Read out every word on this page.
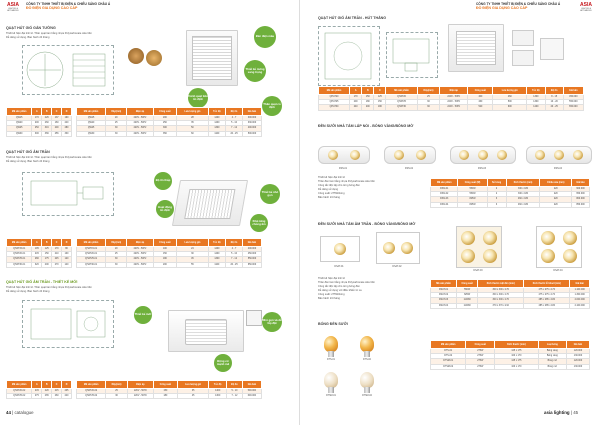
ASIA
LIGHTING & APPLIANCES
CÔNG TY TNHH THIẾT BỊ ĐIỆN & CHIẾU SÁNG CHÂU Á
ĐỒ ĐIỆN GIA DỤNG CAO CẤP
QUẠT HÚT GIÓ GẮN TƯỜNG
Thiết kế hiện đại tinh tế. Thân quạt làm bằng nhựa Polycarbonate siêu bền
Dễ dàng sử dụng. Bảo hành 24 tháng	Đèn điện màu
Cánh quạt tiêu ổn định
Thiết kế mỏng sang trọng
Thân quạt cố định
Mã sản phẩm	A	B	C	D
QW15	170	226	137	190
QW20	200	260	160	240
QW25	250	316	200	280
QW30	300	366	256	330
Mã sản phẩm	Dây(mm)	Điện áp	Công suất	Lưu lượng gió	Tốc độ	Độ ồn	Giá bán
QW15	20	220V - 50Hz	200	28	1400	4 - 7	300.000
QW20	25	220V - 50Hz	250	35	1400	5 - 10	330.000
QW25	30	220V - 50Hz	300	50	1300	7 - 12	400.000
QW30	30	220V - 50Hz	350	60	1100	20 - 25	500.000
QUẠT HÚT GIÓ ÂM TRẦN
Thiết kế hiện đại tinh tế. Thân quạt làm bằng nhựa Polycarbonate siêu bền
Dễ dàng sử dụng. Bảo hành 24 tháng
Độ ồn thấp
Hoạt động ổn định
Thiết kế nhỏ gọn
Khả năng chống ẩm
Mã sản phẩm	A	B	C	D
QHAT15-01	195	125	170	80
QHAT20-01	245	150	210	100
QHAT25-01	280	175	245	120
QHAT30-01	320	200	270	140
Mã sản phẩm	Dây(mm)	Điện áp	Công suất	Lưu lượng gió	Tốc độ	Độ ồn	Giá bán
QHAT15-01	20	220V - 50Hz	100	24	1400	4 - 7	400.000
QHAT20-01	25	220V - 50Hz	150	30	1400	5 - 10	450.000
QHAT25-01	30	220V - 50Hz	180	45	1300	7 - 12	550.000
QHAT30-01	30	220V - 50Hz	200	55	1100	20 - 25	650.000
QUẠT HÚT GIÓ ÂM TRẦN - THIẾT KẾ MỚI
Thiết kế hiện đại tinh tế. Thân quạt làm bằng nhựa Polycarbonate siêu bền
Dễ dàng sử dụng. Bảo hành 24 tháng
Thiết kế mới
Nhỏ gọn và dễ lắp đặt
Động cơ mạnh mẽ
Mã sản phẩm	A	B	C	D
QHAT20-02	245	220	215	205
QHAT25-02	275	265	260	240
Mã sản phẩm	Dây(mm)	Điện áp	Công suất	Lưu lượng gió	Tốc độ	Độ ồn	Giá bán
QHAT20-02	25	220V - 50Hz	150	35	1400	5 - 10	500.000
QHAT25-02	30	220V - 50Hz	180	45	1300	7 - 12	600.000
44 | catalogue
CÔNG TY TNHH THIẾT BỊ ĐIỆN & CHIẾU SÁNG CHÂU Á
ĐỒ ĐIỆN GIA DỤNG CAO CẤP	ASIA
LIGHTING & APPLIANCES
QUẠT HÚT GIÓ ÂM TRẦN - HÚT THẲNG
Mã sản phẩm	A	B	C	Mã sản phẩm	Dây(mm)	Điện áp	Công suất	Lưu lượng gió	Tốc độ	Độ ồn	Giá bán
QHAT20	170	150	125	QHAT20	25	220V - 50Hz	400	460	1300	8 - 15	450.000
QHAT25	200	180	150	QHAT25	30	220V - 50Hz	460	500	1300	10 - 20	550.000
QHAT30	240	200	180	QHAT30	30	220V - 50Hz	520	600	1200	20 - 25	650.000
ĐÈN SƯỞI NHÀ TẮM LẮP NỔI - BÓNG VÀNG/BÓNG MỜ
DSN-01	DSN-02	DSN-03	DSN-04
Thiết kế hiện đại tinh tế
Thân đèn làm bằng nhựa Polycarbonate siêu bền
Công tắc độc lập cho từng bóng đèn
Dễ dàng sử dụng
Công suất: 275W/bóng
Bảo hành 24 tháng
Mã sản phẩm	Công suất (W)	Số bóng	Kích thước (mm)	Chiều sâu (mm)	Giá bán
DSN-01	550W	2	330 x 180	220	600.000
DSN-02	550W	2	330 x 180	220	650.000
DSN-03	825W	3	460 x 180	220	800.000
DSN-04	825W	3	460 x 180	220	850.000
ĐÈN SƯỞI NHÀ TẮM ÂM TRẦN - BÓNG VÀNG/BÓNG MỜ
DSAT-01	DSAT-02
DSAT-03	DSAT-04
Thiết kế hiện đại tinh tế
Thân đèn làm bằng nhựa Polycarbonate siêu bền
Công tắc độc lập cho từng bóng đèn
Dễ dàng sử dụng với điều khiển từ xa
Công suất: 275W/bóng
Bảo hành 24 tháng
Mã sản phẩm	Công suất	Kích thước mặt đèn (mm)	Kích thước lỗ khoét (mm)	Giá bán
DSAT-01	550W	300 x 300 x 170	275 x 275 x 170	1.100.000
DSAT-02	825W	300 x 300 x 170	275 x 275 x 170	1.300.000
DSAT-03	1100W	300 x 300 x 170	285 x 285 x 180	2.000.000
DSAT-04	1100W	370 x 370 x 210	285 x 285 x 180	2.100.000
BÓNG ĐÈN SƯỞI
DTS-01	DTS-02
DTSM-01	DTSM-02
Mã sản phẩm	Công suất	Kích thước (mm)	Loại bóng	Giá bán
DTS-01	275W	125 x 175	Bóng vàng	120.000
DTS-02	275W	100 x 170	Bóng vàng	130.000
DTSM-01	275W	125 x 175	Bóng mờ	120.000
DTSM-02	275W	100 x 170	Bóng mờ	130.000
asia lighting | 45
